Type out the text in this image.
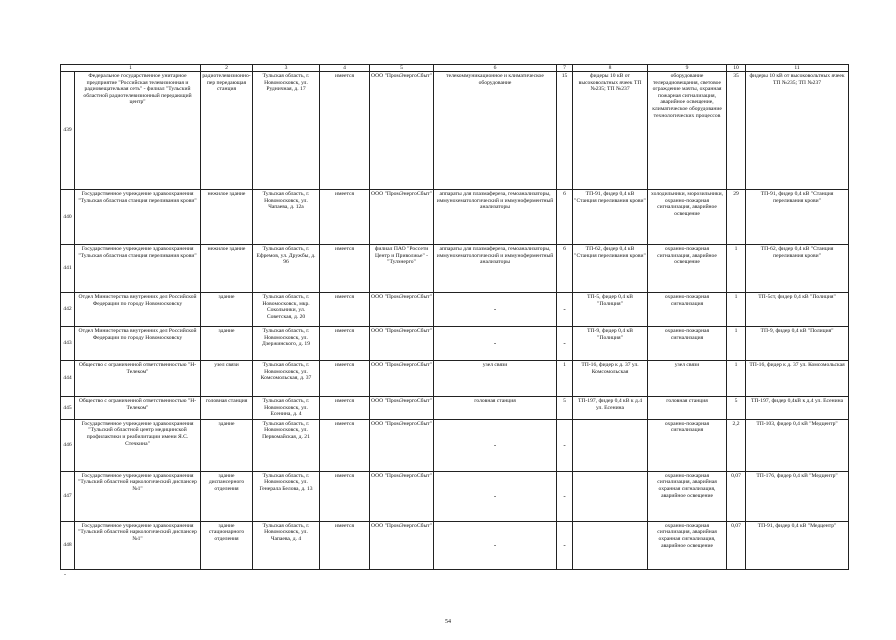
1		2	3	4	5	6	7	8	9	10	11
439	Федеральное государственное унитарное предприятие "Российская телевизионная и радиовещательная сеть" - филиал "Тульский областной радиотелевизионный передающий центр"	радиотелевизионно-пер передающая станция	Тульская область, г. Новомосковск, ул. Рудничная, д. 17	имеется	ООО "ПромЭнергоСбыт"	телекоммуникационное и климатическое оборудование	15	фидеры 10 кВ от высоковольтных ячеек ТП №235; ТП №237	оборудование телерадиовещания, световое ограждение мачты, охранная пожарная сигнализация, аварийное освещение, климатическое оборудование технологических процессов	35	фидеры 10 кВ от высоковольтных ячеек ТП №235; ТП №237
440	Государственное учреждение здравоохранения "Тульская областная станция переливания крови"	нежилое здание	Тульская область, г. Новомосковск, ул. Чапаева, д. 12а	имеется	ООО "ПромЭнергоСбыт"	аппараты для плазмафереза, гемоанализаторы, иммунохематологический и иммуноферментный анализаторы	6	ТП-91, фидер 0,4 кВ "Станция переливания крови"	холодильники, морозильники, охранно-пожарная сигнализация, аварийное освещение	29	ТП-91, фидер 0,4 кВ "Станция переливания крови"
441	Государственное учреждение здравоохранения "Тульская областная станция переливания крови"	нежилое здание	Тульская область, г. Ефремов, ул. Дружбы, д. 96	имеется	филиал ПАО "Россети Центр и Приволжье" - "Тулэнерго"	аппараты для плазмафереза, гемоанализаторы, иммунохематологический и иммуноферментный анализаторы	6	ТП-62, фидер 0,4 кВ "Станция переливания крови"	охранно-пожарная сигнализация, аварийное освещение	1	ТП-62, фидер 0,4 кВ "Станция переливания крови"
442	Отдел Министерства внутренних дел Российской Федерации по городу Новомосковску	здание	Тульская область, г. Новомосковск, мкр. Сокольники, ул. Советская, д. 20	имеется	ООО "ПромЭнергоСбыт"	-	-	ТП-5, фидер 0,4 кВ "Полиция"	охранно-пожарная сигнализация	1	ТП-5ст, фидер 0,4 кВ "Полиция"
443	Отдел Министерства внутренних дел Российской Федерации по городу Новомосковску	здание	Тульская область, г. Новомосковск, ул. Дзержинского, д. 19	имеется	ООО "ПромЭнергоСбыт"	-	-	ТП-9, фидер 0,4 кВ "Полиция"	охранно-пожарная сигнализация	1	ТП-9, фидер 0,4 кВ "Полиция"
444	Общество с ограниченной ответственностью "Н-Телеком"	узел связи	Тульская область, г. Новомосковск, ул. Комсомольская, д. 37	имеется	ООО "ПромЭнергоСбыт"	узел связи	1	ТП-16, фидер к д. 37 ул. Комсомольская	узел связи	1	ТП-16, фидер к д. 37 ул. Комсомольская
445	Общество с ограниченной ответственностью "Н-Телеком"	головная станция	Тульская область, г. Новомосковск, ул. Есенина, д. 4	имеется	ООО "ПромЭнергоСбыт"	головная станция	5	ТП-197, фидер 0,4 кВ к д.4 ул. Есенина	головная станция	5	ТП-197, фидер 0,4кВ к д.4 ул. Есенина
446	Государственное учреждение здравоохранения "Тульский областной центр медицинской профилактики и реабилитации имени Я.С. Стечкина"	здание	Тульская область, г. Новомосковск, ул. Первомайская, д. 21	имеется	ООО "ПромЭнергоСбыт"	-	-		охранно-пожарная сигнализация	2,2	ТП-103, фидер 0,4 кВ "Медцентр"
447	Государственное учреждение здравоохранения "Тульский областной наркологический диспансер №1"	здание диспансерного отделения	Тульская область, г. Новомосковск, ул. Генерала Белова, д. 13	имеется	ООО "ПромЭнергоСбыт"	-	-		охранно-пожарная сигнализация, аварийная охранная сигнализация, аварийное освещение	0,07	ТП-176, фидер 0,4 кВ "Медцентр"
448	Государственное учреждение здравоохранения "Тульский областной наркологический диспансер №1"	здание стационарного отделения	Тульская область, г. Новомосковск, ул. Чапаева, д. 4	имеется	ООО "ПромЭнергоСбыт"	-	-		охранно-пожарная сигнализация, аварийная охранная сигнализация, аварийное освещение	0,07	ТП-91, фидер 0,4 кВ "Медцентр"
-
54
